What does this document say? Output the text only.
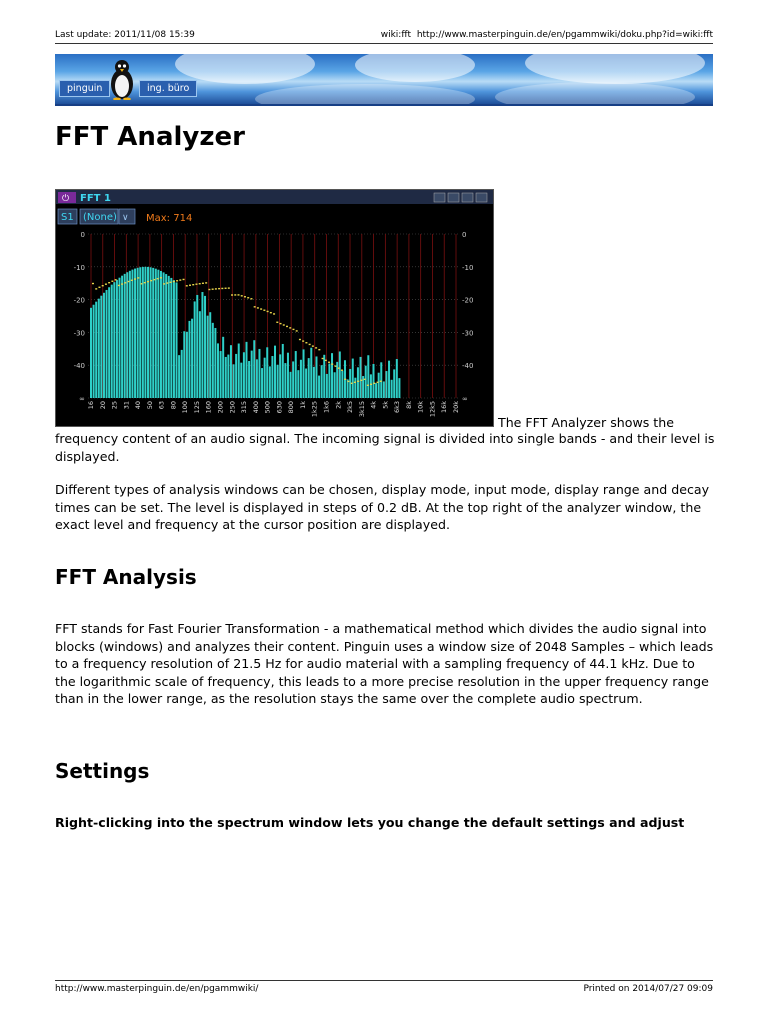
Last update: 2011/11/08 15:39	wiki:fft http://www.masterpinguin.de/en/pgammwiki/doku.php?id=wiki:fft
pinguin	ing. büro
FFT Analyzer
⏻ FFT 1
S1 (None) ∨ Max: 714
0	0
-10	-10
-20	-20
-30	-30
-40	-40
∞	∞
16 20 25 31 40 50 63 80 100 125 160 200 250 315 400 500 630 800 1k 1k25 1k6 2k 2k5 3k15 4k 5k 6k3 8k 10k 12k5 16k 20k
The FFT Analyzer shows the

frequency content of an audio signal. The incoming signal is divided into single bands - and their level is displayed.

Different types of analysis windows can be chosen, display mode, input mode, display range and decay times can be set. The level is displayed in steps of 0.2 dB. At the top right of the analyzer window, the exact level and frequency at the cursor position are displayed.

FFT Analysis

FFT stands for Fast Fourier Transformation - a mathematical method which divides the audio signal into blocks (windows) and analyzes their content. Pinguin uses a window size of 2048 Samples – which leads to a frequency resolution of 21.5 Hz for audio material with a sampling frequency of 44.1 kHz. Due to the logarithmic scale of frequency, this leads to a more precise resolution in the upper frequency range than in the lower range, as the resolution stays the same over the complete audio spectrum.

Settings

Right-clicking into the spectrum window lets you change the default settings and adjust

http://www.masterpinguin.de/en/pgammwiki/	Printed on 2014/07/27 09:09
